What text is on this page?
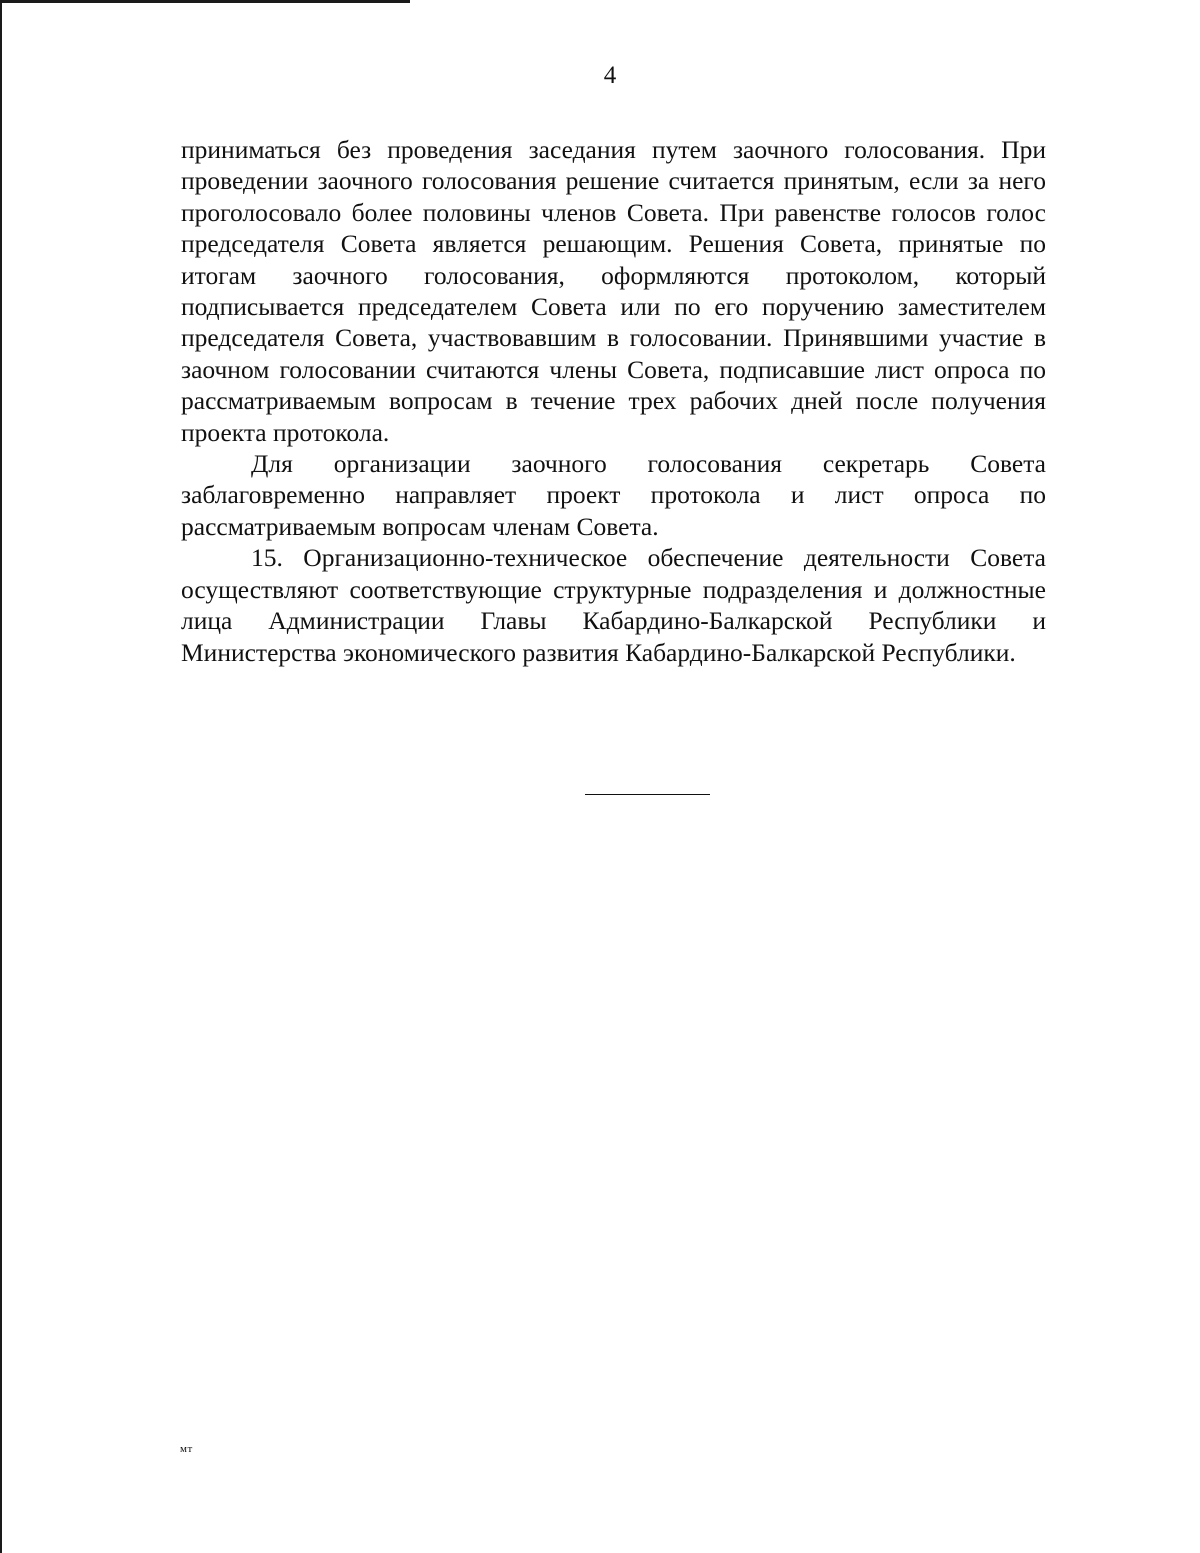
4

приниматься без проведения заседания путем заочного голосования. При проведении заочного голосования решение считается принятым, если за него проголосовало более половины членов Совета. При равенстве голосов голос председателя Совета является решающим. Решения Совета, принятые по итогам заочного голосования, оформляются протоколом, который подписывается председателем Совета или по его поручению заместителем председателя Совета, участвовавшим в голосовании. Принявшими участие в заочном голосовании считаются члены Совета, подписавшие лист опроса по рассматриваемым вопросам в течение трех рабочих дней после получения проекта протокола.

Для организации заочного голосования секретарь Совета заблаговременно направляет проект протокола и лист опроса по рассматриваемым вопросам членам Совета.

15. Организационно-техническое обеспечение деятельности Совета осуществляют соответствующие структурные подразделения и должностные лица Администрации Главы Кабардино-Балкарской Республики и Министерства экономического развития Кабардино-Балкарской Республики.

мт
